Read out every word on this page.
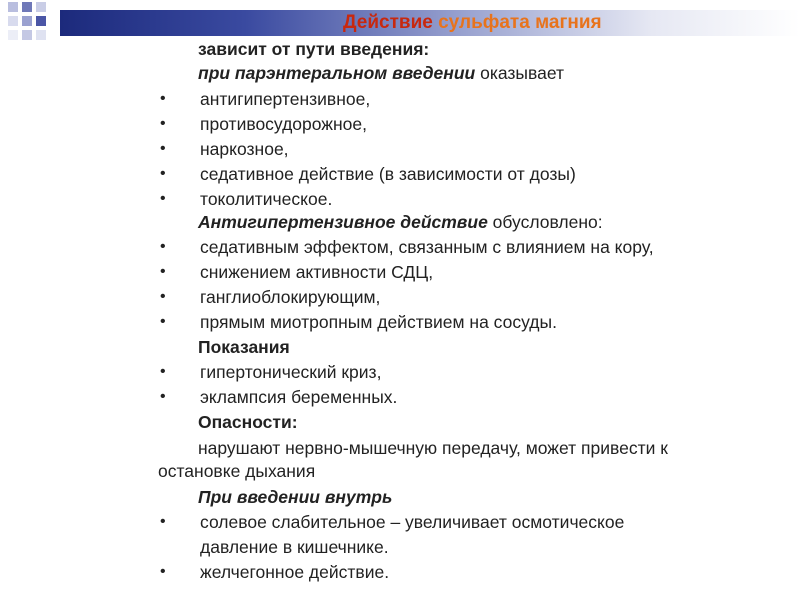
Действие сульфата магния
зависит от пути введения:
при парэнтеральном введении оказывает
• антигипертензивное,
• противосудорожное,
• наркозное,
• седативное действие (в зависимости от дозы)
• токолитическое.
Антигипертензивное действие обусловлено:
• седативным эффектом, связанным с влиянием на кору,
• снижением активности СДЦ,
• ганглиоблокирующим,
• прямым миотропным действием на сосуды.
Показания
• гипертонический криз,
• эклампсия беременных.
Опасности:
нарушают нервно-мышечную передачу, может привести к
остановке дыхания
При введении внутрь
• солевое слабительное – увеличивает осмотическое
давление в кишечнике.
• желчегонное действие.
